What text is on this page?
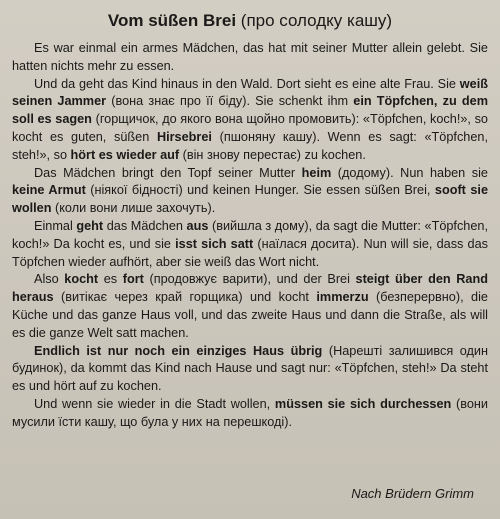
Vom süßen Brei (про солодку кашу)

Es war einmal ein armes Mädchen, das hat mit seiner Mutter allein gelebt. Sie hatten nichts mehr zu essen.

Und da geht das Kind hinaus in den Wald. Dort sieht es eine alte Frau. Sie weiß seinen Jammer (вона знає про її біду). Sie schenkt ihm ein Töpfchen, zu dem soll es sagen (горщичок, до якого вона щойно промовить): «Töpfchen, koch!», so kocht es guten, süßen Hirsebrei (пшоняну кашу). Wenn es sagt: «Töpfchen, steh!», so hört es wieder auf (він знову перестає) zu kochen.

Das Mädchen bringt den Topf seiner Mutter heim (додому). Nun haben sie keine Armut (ніякої бідності) und keinen Hunger. Sie essen süßen Brei, sooft sie wollen (коли вони лише захочуть).

Einmal geht das Mädchen aus (вийшла з дому), da sagt die Mutter: «Töpfchen, koch!» Da kocht es, und sie isst sich satt (наїлася досита). Nun will sie, dass das Töpfchen wieder aufhört, aber sie weiß das Wort nicht.

Also kocht es fort (продовжує варити), und der Brei steigt über den Rand heraus (витікає через край горщика) und kocht immerzu (безперервно), die Küche und das ganze Haus voll, und das zweite Haus und dann die Straße, als will es die ganze Welt satt machen.

Endlich ist nur noch ein einziges Haus übrig (Нарешті залишився один будинок), da kommt das Kind nach Hause und sagt nur: «Töpfchen, steh!» Da steht es und hört auf zu kochen.

Und wenn sie wieder in die Stadt wollen, müssen sie sich durchessen (вони мусили їсти кашу, що була у них на перешкоді).

Nach Brüdern Grimm
